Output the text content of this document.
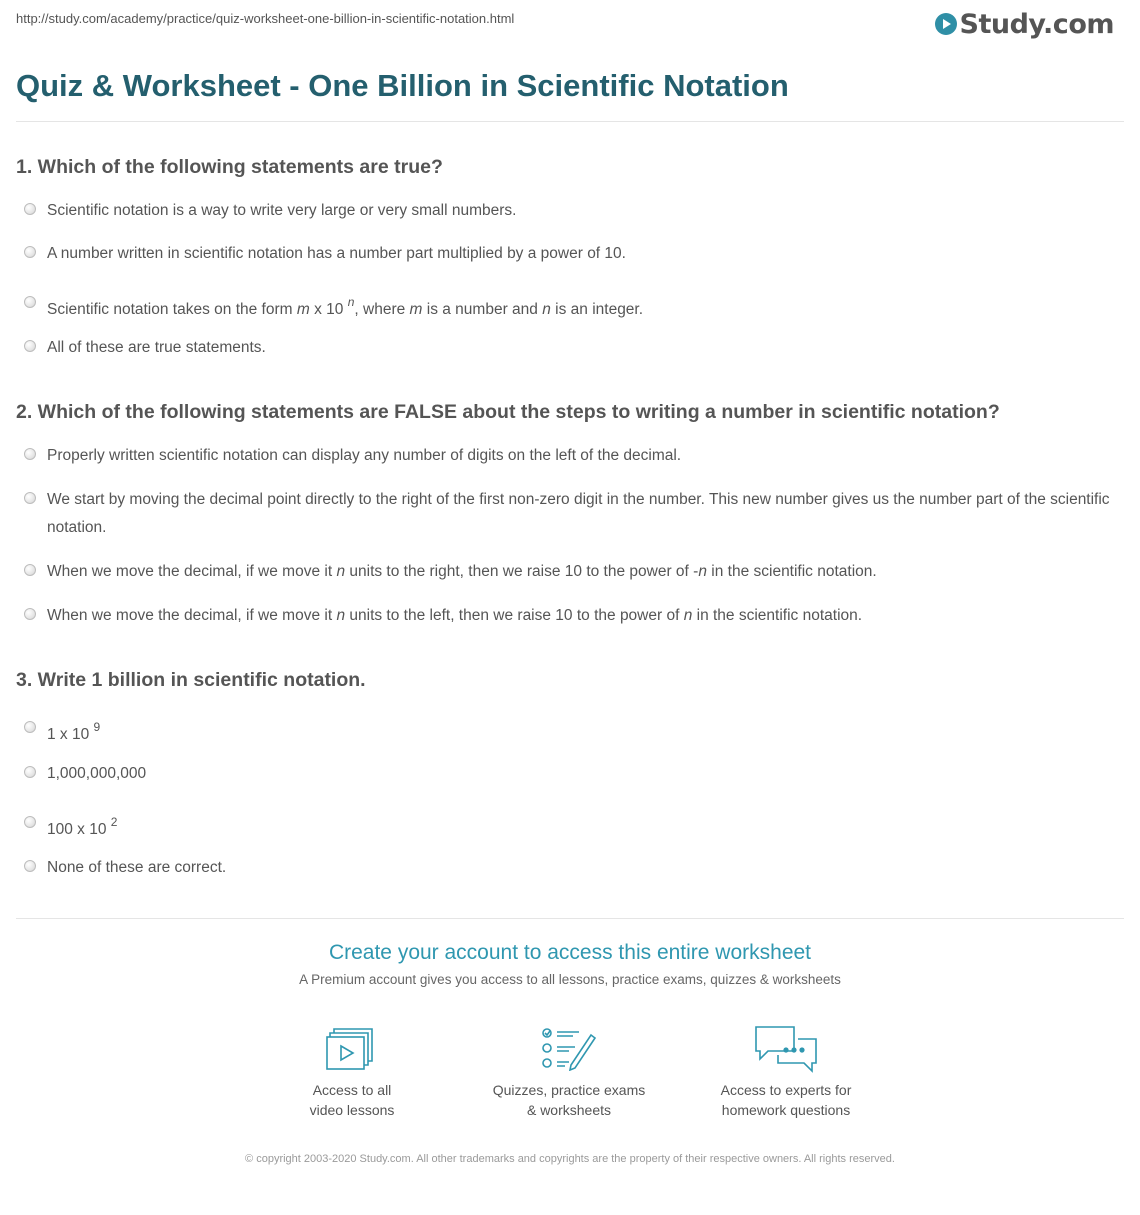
http://study.com/academy/practice/quiz-worksheet-one-billion-in-scientific-notation.html	Study.com
Quiz & Worksheet - One Billion in Scientific Notation
1. Which of the following statements are true?
Scientific notation is a way to write very large or very small numbers.
A number written in scientific notation has a number part multiplied by a power of 10.
Scientific notation takes on the form m x 10 $^n$, where m is a number and n is an integer.
All of these are true statements.
2. Which of the following statements are FALSE about the steps to writing a number in scientific notation?
Properly written scientific notation can display any number of digits on the left of the decimal.
We start by moving the decimal point directly to the right of the first non-zero digit in the number. This new number gives us the number part of the scientific notation.
When we move the decimal, if we move it n units to the right, then we raise 10 to the power of -n in the scientific notation.
When we move the decimal, if we move it n units to the left, then we raise 10 to the power of n in the scientific notation.
3. Write 1 billion in scientific notation.
1 x 10 $^9$
1,000,000,000
100 x 10 $^2$
None of these are correct.
Create your account to access this entire worksheet
A Premium account gives you access to all lessons, practice exams, quizzes & worksheets
Access to all
video lessons
Quizzes, practice exams
& worksheets
Access to experts for
homework questions
© copyright 2003-2020 Study.com. All other trademarks and copyrights are the property of their respective owners. All rights reserved.
